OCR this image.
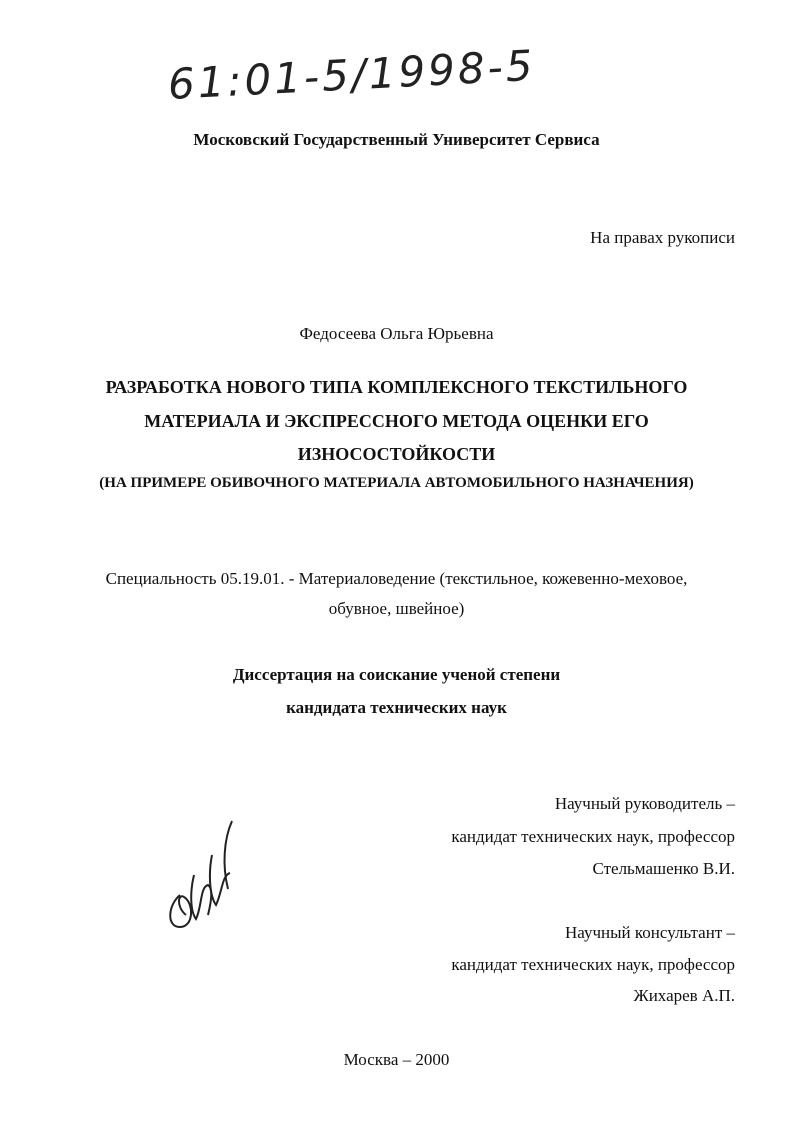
61:01-5/1998-5
Московский Государственный Университет Сервиса
На правах рукописи
Федосеева Ольга Юрьевна
РАЗРАБОТКА НОВОГО ТИПА КОМПЛЕКСНОГО ТЕКСТИЛЬНОГО
МАТЕРИАЛА И ЭКСПРЕССНОГО МЕТОДА ОЦЕНКИ ЕГО
ИЗНОСОСТОЙКОСТИ
(НА ПРИМЕРЕ ОБИВОЧНОГО МАТЕРИАЛА АВТОМОБИЛЬНОГО НАЗНАЧЕНИЯ)
Специальность 05.19.01. - Материаловедение (текстильное, кожевенно-меховое,
обувное, швейное)
Диссертация на соискание ученой степени
кандидата технических наук
Научный руководитель –
кандидат технических наук, профессор
Стельмашенко В.И.
Научный консультант –
кандидат технических наук, профессор
Жихарев А.П.
Москва – 2000
